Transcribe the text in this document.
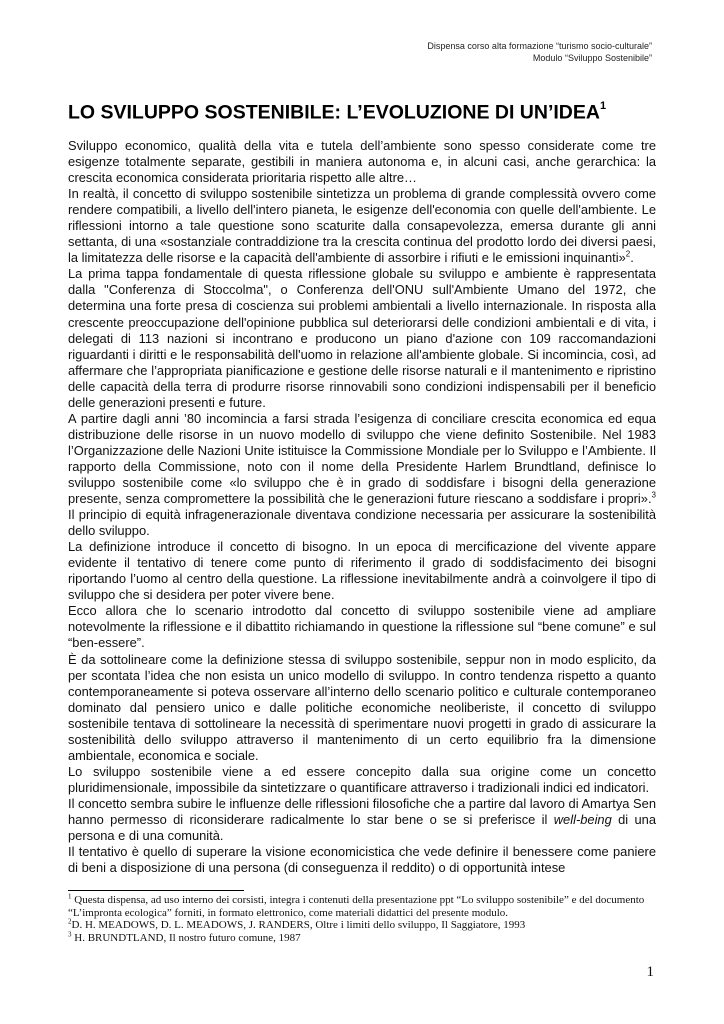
Dispensa corso alta formazione “turismo socio-culturale”
Modulo “Sviluppo Sostenibile”
LO SVILUPPO SOSTENIBILE: L’EVOLUZIONE DI UN’IDEA$^1$

Sviluppo economico, qualità della vita e tutela dell’ambiente sono spesso considerate come tre esigenze totalmente separate, gestibili in maniera autonoma e, in alcuni casi, anche gerarchica: la crescita economica considerata prioritaria rispetto alle altre…

In realtà, il concetto di sviluppo sostenibile sintetizza un problema di grande complessità ovvero come rendere compatibili, a livello dell'intero pianeta, le esigenze dell'economia con quelle dell'ambiente. Le riflessioni intorno a tale questione sono scaturite dalla consapevolezza, emersa durante gli anni settanta, di una «sostanziale contraddizione tra la crescita continua del prodotto lordo dei diversi paesi, la limitatezza delle risorse e la capacità dell'ambiente di assorbire i rifiuti e le emissioni inquinanti»$^2$.

La prima tappa fondamentale di questa riflessione globale su sviluppo e ambiente è rappresentata dalla "Conferenza di Stoccolma", o Conferenza dell'ONU sull'Ambiente Umano del 1972, che determina una forte presa di coscienza sui problemi ambientali a livello internazionale. In risposta alla crescente preoccupazione dell'opinione pubblica sul deteriorarsi delle condizioni ambientali e di vita, i delegati di 113 nazioni si incontrano e producono un piano d'azione con 109 raccomandazioni riguardanti i diritti e le responsabilità dell'uomo in relazione all'ambiente globale. Si incomincia, così, ad affermare che l’appropriata pianificazione e gestione delle risorse naturali e il mantenimento e ripristino delle capacità della terra di produrre risorse rinnovabili sono condizioni indispensabili per il beneficio delle generazioni presenti e future.

A partire dagli anni ’80 incomincia a farsi strada l’esigenza di conciliare crescita economica ed equa distribuzione delle risorse in un nuovo modello di sviluppo che viene definito Sostenibile. Nel 1983 l’Organizzazione delle Nazioni Unite istituisce la Commissione Mondiale per lo Sviluppo e l’Ambiente. Il rapporto della Commissione, noto con il nome della Presidente Harlem Brundtland, definisce lo sviluppo sostenibile come «lo sviluppo che è in grado di soddisfare i bisogni della generazione presente, senza compromettere la possibilità che le generazioni future riescano a soddisfare i propri».$^3$ Il principio di equità infragenerazionale diventava condizione necessaria per assicurare la sostenibilità dello sviluppo.

La definizione introduce il concetto di bisogno. In un epoca di mercificazione del vivente appare evidente il tentativo di tenere come punto di riferimento il grado di soddisfacimento dei bisogni riportando l’uomo al centro della questione. La riflessione inevitabilmente andrà a coinvolgere il tipo di sviluppo che si desidera per poter vivere bene.

Ecco allora che lo scenario introdotto dal concetto di sviluppo sostenibile viene ad ampliare notevolmente la riflessione e il dibattito richiamando in questione la riflessione sul “bene comune” e sul “ben-essere”.

È da sottolineare come la definizione stessa di sviluppo sostenibile, seppur non in modo esplicito, da per scontata l’idea che non esista un unico modello di sviluppo. In contro tendenza rispetto a quanto contemporaneamente si poteva osservare all’interno dello scenario politico e culturale contemporaneo dominato dal pensiero unico e dalle politiche economiche neoliberiste, il concetto di sviluppo sostenibile tentava di sottolineare la necessità di sperimentare nuovi progetti in grado di assicurare la sostenibilità dello sviluppo attraverso il mantenimento di un certo equilibrio fra la dimensione ambientale, economica e sociale.

Lo sviluppo sostenibile viene a ed essere concepito dalla sua origine come un concetto pluridimensionale, impossibile da sintetizzare o quantificare attraverso i tradizionali indici ed indicatori.

Il concetto sembra subire le influenze delle riflessioni filosofiche che a partire dal lavoro di Amartya Sen hanno permesso di riconsiderare radicalmente lo star bene o se si preferisce il well-being di una persona e di una comunità.

Il tentativo è quello di superare la visione economicistica che vede definire il benessere come paniere di beni a disposizione di una persona (di conseguenza il reddito) o di opportunità intese

$^1$ Questa dispensa, ad uso interno dei corsisti, integra i contenuti della presentazione ppt “Lo sviluppo sostenibile” e del documento “L’impronta ecologica” forniti, in formato elettronico, come materiali didattici del presente modulo.

$^2$D. H. MEADOWS, D. L. MEADOWS, J. RANDERS, Oltre i limiti dello sviluppo, Il Saggiatore, 1993

$^3$ H. BRUNDTLAND, Il nostro futuro comune, 1987

1
